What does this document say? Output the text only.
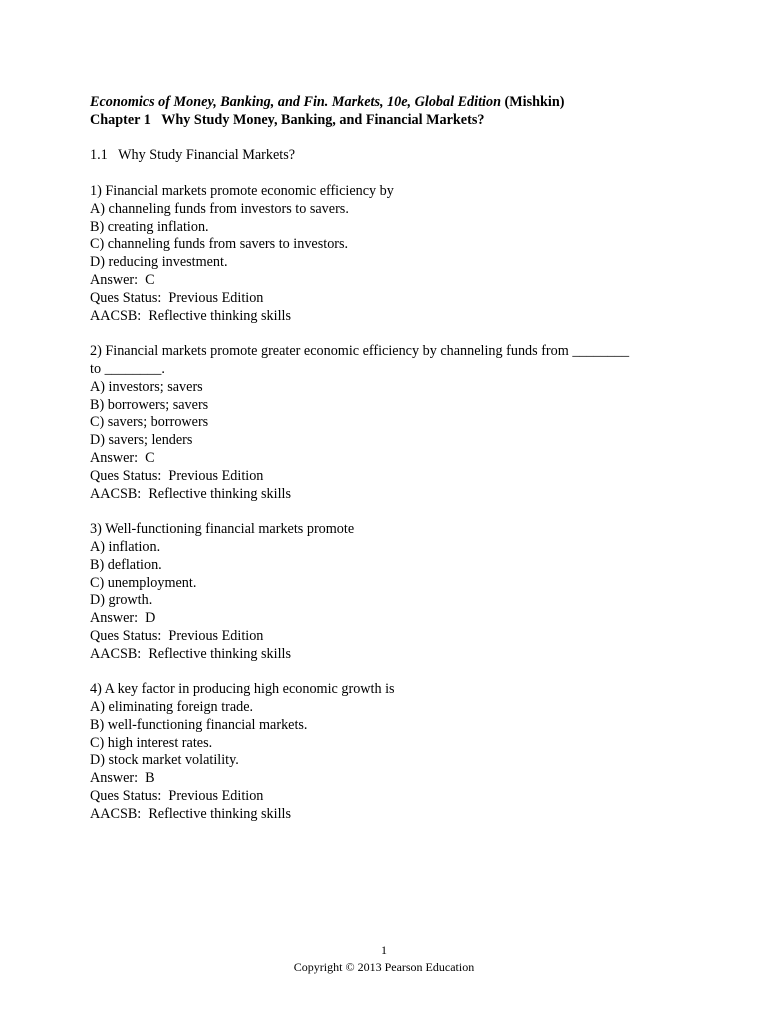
Economics of Money, Banking, and Fin. Markets, 10e, Global Edition (Mishkin)
Chapter 1   Why Study Money, Banking, and Financial Markets?
1.1   Why Study Financial Markets?
1) Financial markets promote economic efficiency by
A) channeling funds from investors to savers.
B) creating inflation.
C) channeling funds from savers to investors.
D) reducing investment.
Answer:  C
Ques Status:  Previous Edition
AACSB:  Reflective thinking skills
2) Financial markets promote greater economic efficiency by channeling funds from ________
to ________.
A) investors; savers
B) borrowers; savers
C) savers; borrowers
D) savers; lenders
Answer:  C
Ques Status:  Previous Edition
AACSB:  Reflective thinking skills
3) Well-functioning financial markets promote
A) inflation.
B) deflation.
C) unemployment.
D) growth.
Answer:  D
Ques Status:  Previous Edition
AACSB:  Reflective thinking skills
4) A key factor in producing high economic growth is
A) eliminating foreign trade.
B) well-functioning financial markets.
C) high interest rates.
D) stock market volatility.
Answer:  B
Ques Status:  Previous Edition
AACSB:  Reflective thinking skills
1
Copyright © 2013 Pearson Education
